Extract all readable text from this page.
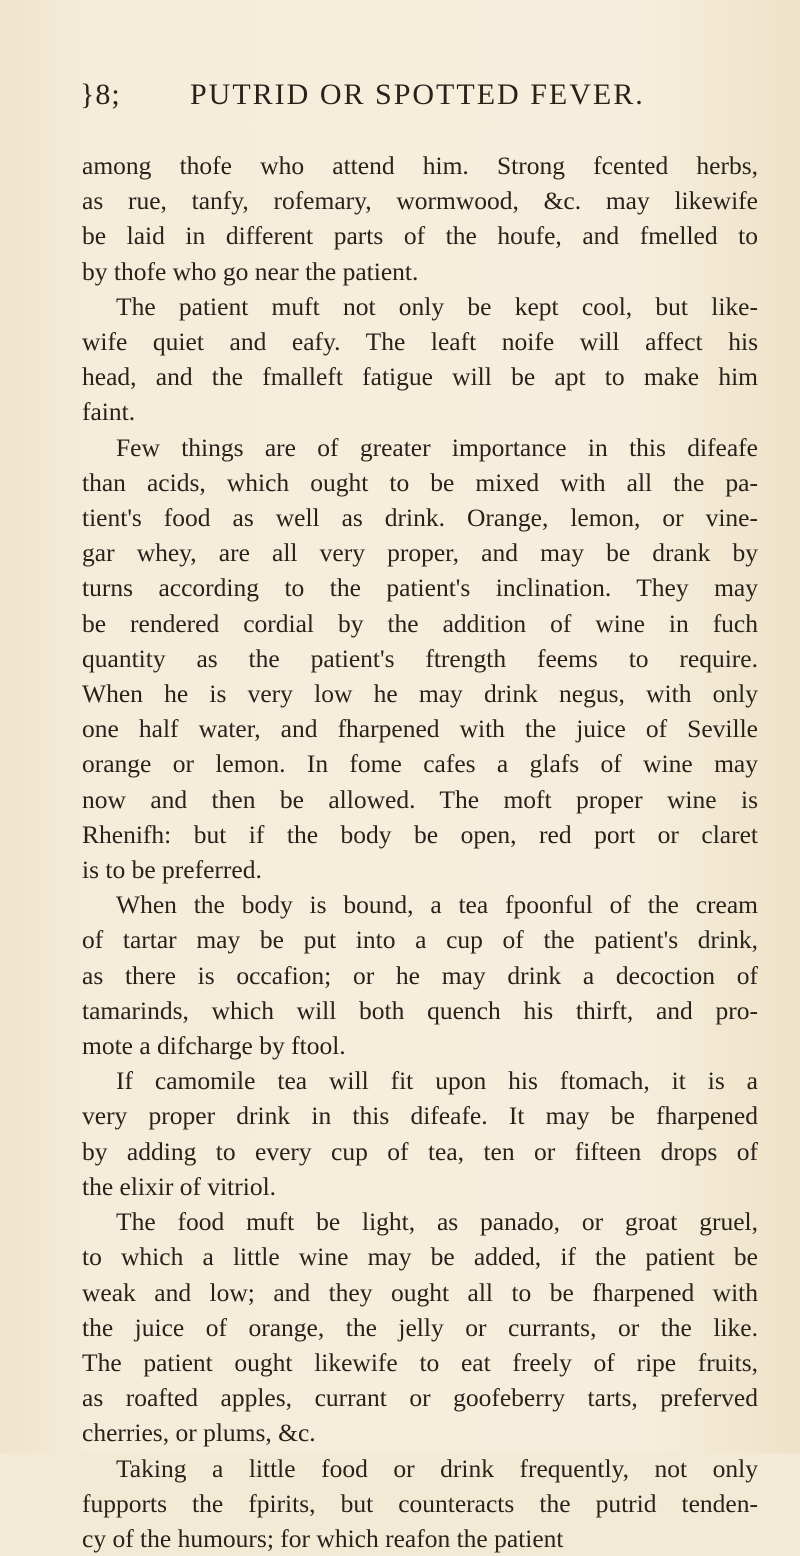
}8; PUTRID OR SPOTTED FEVER.
among thofe who attend him. Strong fcented herbs,
as rue, tanfy, rofemary, wormwood, &c. may likewife
be laid in different parts of the houfe, and fmelled to
by thofe who go near the patient.
The patient muft not only be kept cool, but like-
wife quiet and eafy. The leaft noife will affect his
head, and the fmalleft fatigue will be apt to make him
faint.
Few things are of greater importance in this difeafe
than acids, which ought to be mixed with all the pa-
tient's food as well as drink. Orange, lemon, or vine-
gar whey, are all very proper, and may be drank by
turns according to the patient's inclination. They may
be rendered cordial by the addition of wine in fuch
quantity as the patient's ftrength feems to require.
When he is very low he may drink negus, with only
one half water, and fharpened with the juice of Seville
orange or lemon. In fome cafes a glafs of wine may
now and then be allowed. The moft proper wine is
Rhenifh: but if the body be open, red port or claret
is to be preferred.
When the body is bound, a tea fpoonful of the cream
of tartar may be put into a cup of the patient's drink,
as there is occafion; or he may drink a decoction of
tamarinds, which will both quench his thirft, and pro-
mote a difcharge by ftool.
If camomile tea will fit upon his ftomach, it is a
very proper drink in this difeafe. It may be fharpened
by adding to every cup of tea, ten or fifteen drops of
the elixir of vitriol.
The food muft be light, as panado, or groat gruel,
to which a little wine may be added, if the patient be
weak and low; and they ought all to be fharpened with
the juice of orange, the jelly or currants, or the like.
The patient ought likewife to eat freely of ripe fruits,
as roafted apples, currant or goofeberry tarts, preferved
cherries, or plums, &c.
Taking a little food or drink frequently, not only
fupports the fpirits, but counteracts the putrid tenden-
cy of the humours; for which reafon the patient
